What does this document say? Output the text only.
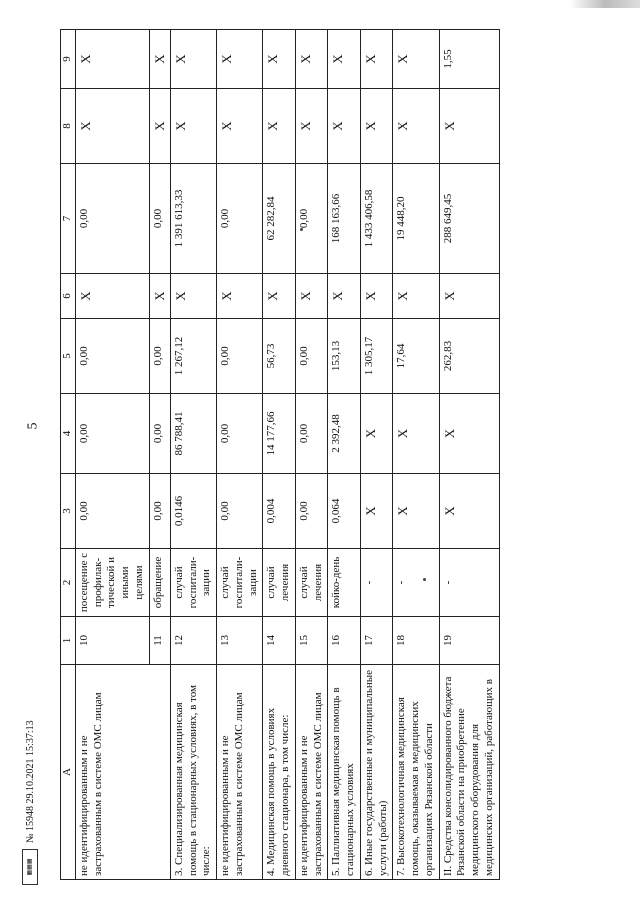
5
А	1	2	3	4	5	6	7	8	9
не идентифицированным и не застрахованным в системе ОМС лицам	10	посещение с профилак-тической и иными целями	0,00	0,00	0,00	X	0,00	X	X
	11	обращение	0,00	0,00	0,00	X	0,00	X	X
3. Специализированная медицинская помощь в стационарных условиях, в том числе:	12	случай госпитали-зации	0,0146	86 788,41	1 267,12	X	1 391 613,33	X	X
не идентифицированным и не застрахованным в системе ОМС лицам	13	случай госпитали-зации	0,00	0,00	0,00	X	0,00	X	X
4. Медицинская помощь в условиях дневного стационара, в том числе:	14	случай лечения	0,004	14 177,66	56,73	X	62 282,84	X	X
не идентифицированным и не застрахованным в системе ОМС лицам	15	случай лечения	0,00	0,00	0,00	X	0,00	X	X
5. Паллиативная медицинская помощь в стационарных условиях	16	койко-день	0,064	2 392,48	153,13	X	168 163,66	X	X
6. Иные государственные и муниципальные услуги (работы)	17	-	X	X	1 305,17	X	1 433 406,58	X	X
7. Высокотехнологичная медицинская помощь, оказываемая в медицинских организациях Рязанской области	18	-	X	X	17,64	X	19 448,20	X	X
II. Средства консолидированного бюджета Рязанской области на приобретение медицинского оборудования для медицинских организаций, работающих в	19	-	X	X	262,83	X	288 649,45	X	1,55
▦▦▦
№ 15948 29.10.2021 15:37:13
